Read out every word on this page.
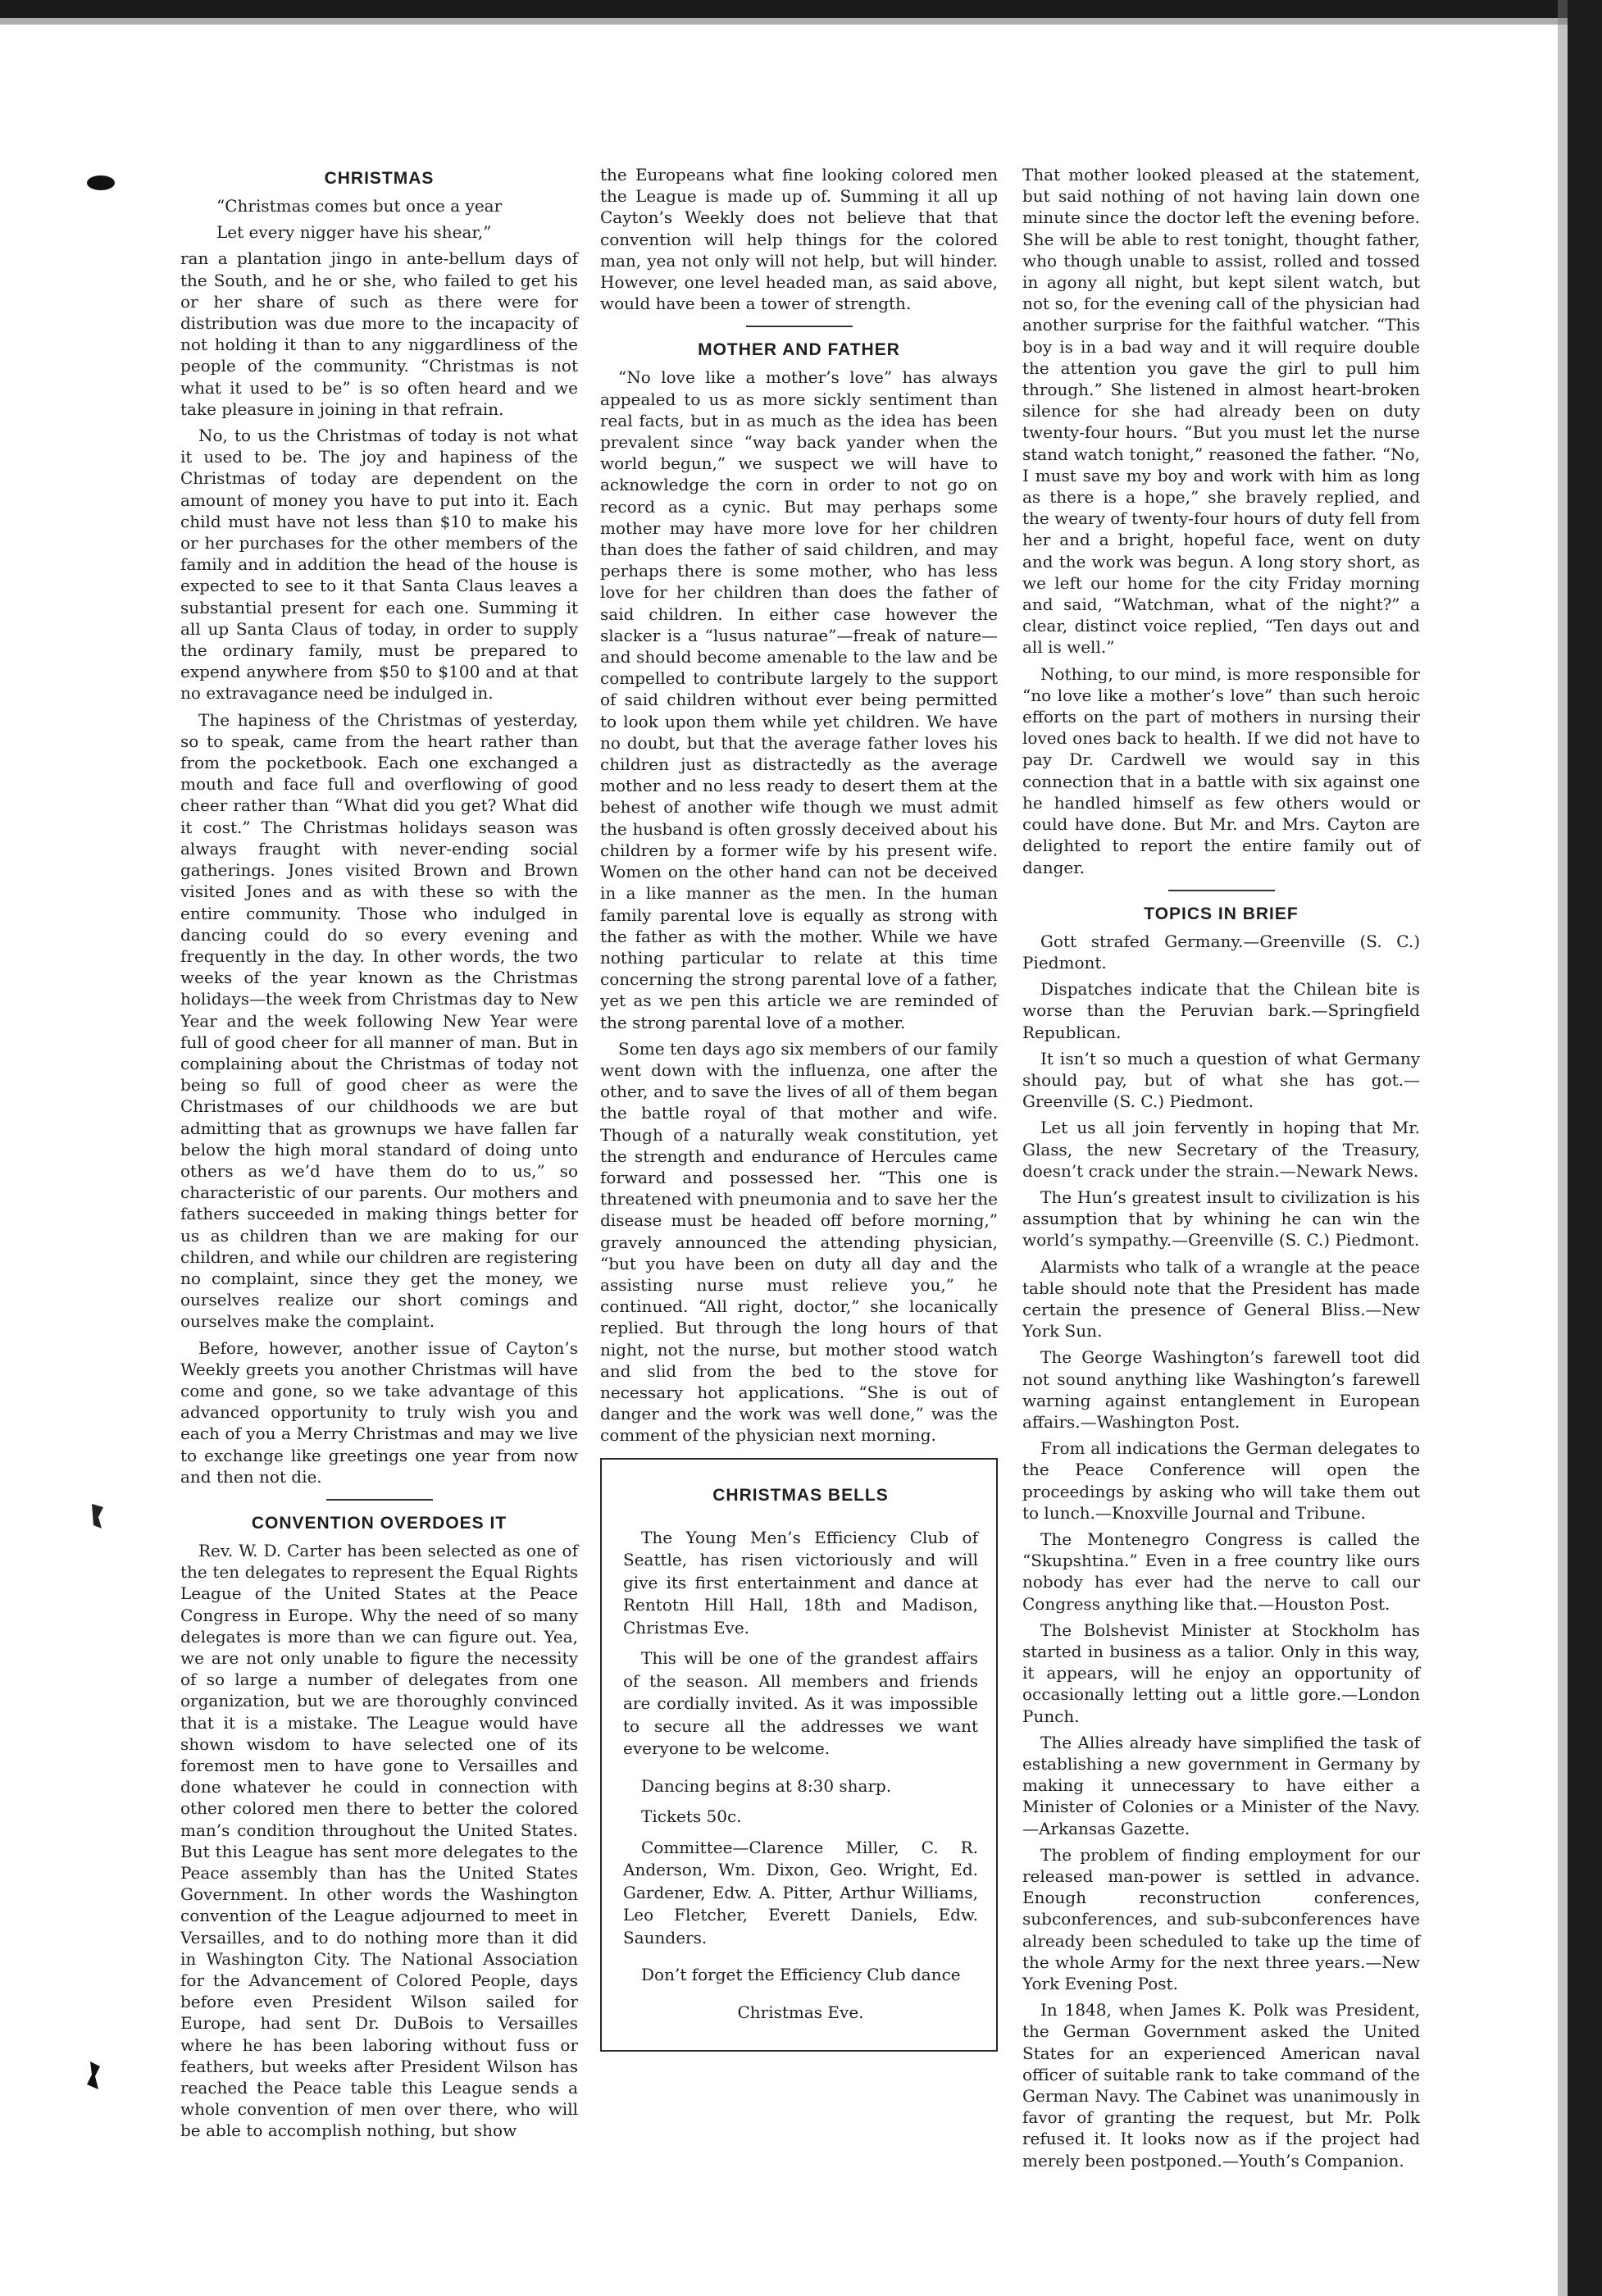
CHRISTMAS

“Christmas comes but once a year

Let every nigger have his shear,”

ran a plantation jingo in ante-bellum days of the South, and he or she, who failed to get his or her share of such as there were for distribution was due more to the incapacity of not holding it than to any niggardliness of the people of the community. “Christmas is not what it used to be” is so often heard and we take pleasure in joining in that refrain.

No, to us the Christmas of today is not what it used to be. The joy and hapiness of the Christmas of today are dependent on the amount of money you have to put into it. Each child must have not less than $10 to make his or her purchases for the other members of the family and in addition the head of the house is expected to see to it that Santa Claus leaves a substantial present for each one. Summing it all up Santa Claus of today, in order to supply the ordinary family, must be prepared to expend anywhere from $50 to $100 and at that no extravagance need be indulged in.

The hapiness of the Christmas of yesterday, so to speak, came from the heart rather than from the pocketbook. Each one exchanged a mouth and face full and overflowing of good cheer rather than “What did you get? What did it cost.” The Christmas holidays season was always fraught with never-ending social gatherings. Jones visited Brown and Brown visited Jones and as with these so with the entire community. Those who indulged in dancing could do so every evening and frequently in the day. In other words, the two weeks of the year known as the Christmas holidays—the week from Christmas day to New Year and the week following New Year were full of good cheer for all manner of man. But in complaining about the Christmas of today not being so full of good cheer as were the Christmases of our childhoods we are but admitting that as grownups we have fallen far below the high moral standard of doing unto others as we’d have them do to us,” so characteristic of our parents. Our mothers and fathers succeeded in making things better for us as children than we are making for our children, and while our children are registering no complaint, since they get the money, we ourselves realize our short comings and ourselves make the complaint.

Before, however, another issue of Cayton’s Weekly greets you another Christmas will have come and gone, so we take advantage of this advanced opportunity to truly wish you and each of you a Merry Christmas and may we live to exchange like greetings one year from now and then not die.

CONVENTION OVERDOES IT

Rev. W. D. Carter has been selected as one of the ten delegates to represent the Equal Rights League of the United States at the Peace Congress in Europe. Why the need of so many delegates is more than we can figure out. Yea, we are not only unable to figure the necessity of so large a number of delegates from one organization, but we are thoroughly convinced that it is a mistake. The League would have shown wisdom to have selected one of its foremost men to have gone to Versailles and done whatever he could in connection with other colored men there to better the colored man’s condition throughout the United States. But this League has sent more delegates to the Peace assembly than has the United States Government. In other words the Washington convention of the League adjourned to meet in Versailles, and to do nothing more than it did in Washington City. The National Association for the Advancement of Colored People, days before even President Wilson sailed for Europe, had sent Dr. DuBois to Versailles where he has been laboring without fuss or feathers, but weeks after President Wilson has reached the Peace table this League sends a whole convention of men over there, who will be able to accomplish nothing, but show

the Europeans what fine looking colored men the League is made up of. Summing it all up Cayton’s Weekly does not believe that that convention will help things for the colored man, yea not only will not help, but will hinder. However, one level headed man, as said above, would have been a tower of strength.

MOTHER AND FATHER

“No love like a mother’s love” has always appealed to us as more sickly sentiment than real facts, but in as much as the idea has been prevalent since “way back yander when the world begun,” we suspect we will have to acknowledge the corn in order to not go on record as a cynic. But may perhaps some mother may have more love for her children than does the father of said children, and may perhaps there is some mother, who has less love for her children than does the father of said children. In either case however the slacker is a “lusus naturae”—freak of nature—and should become amenable to the law and be compelled to contribute largely to the support of said children without ever being permitted to look upon them while yet children. We have no doubt, but that the average father loves his children just as distractedly as the average mother and no less ready to desert them at the behest of another wife though we must admit the husband is often grossly deceived about his children by a former wife by his present wife. Women on the other hand can not be deceived in a like manner as the men. In the human family parental love is equally as strong with the father as with the mother. While we have nothing particular to relate at this time concerning the strong parental love of a father, yet as we pen this article we are reminded of the strong parental love of a mother.

Some ten days ago six members of our family went down with the influenza, one after the other, and to save the lives of all of them began the battle royal of that mother and wife. Though of a naturally weak constitution, yet the strength and endurance of Hercules came forward and possessed her. “This one is threatened with pneumonia and to save her the disease must be headed off before morning,” gravely announced the attending physician, “but you have been on duty all day and the assisting nurse must relieve you,” he continued. “All right, doctor,” she locanically replied. But through the long hours of that night, not the nurse, but mother stood watch and slid from the bed to the stove for necessary hot applications. “She is out of danger and the work was well done,” was the comment of the physician next morning.

CHRISTMAS BELLS

The Young Men’s Efficiency Club of Seattle, has risen victoriously and will give its first entertainment and dance at Rentotn Hill Hall, 18th and Madison, Christmas Eve.

This will be one of the grandest affairs of the season. All members and friends are cordially invited. As it was impossible to secure all the addresses we want everyone to be welcome.

Dancing begins at 8:30 sharp.

Tickets 50c.

Committee—Clarence Miller, C. R. Anderson, Wm. Dixon, Geo. Wright, Ed. Gardener, Edw. A. Pitter, Arthur Williams, Leo Fletcher, Everett Daniels, Edw. Saunders.

Don’t forget the Efficiency Club dance

Christmas Eve.

That mother looked pleased at the statement, but said nothing of not having lain down one minute since the doctor left the evening before. She will be able to rest tonight, thought father, who though unable to assist, rolled and tossed in agony all night, but kept silent watch, but not so, for the evening call of the physician had another surprise for the faithful watcher. “This boy is in a bad way and it will require double the attention you gave the girl to pull him through.” She listened in almost heart-broken silence for she had already been on duty twenty-four hours. “But you must let the nurse stand watch tonight,” reasoned the father. “No, I must save my boy and work with him as long as there is a hope,” she bravely replied, and the weary of twenty-four hours of duty fell from her and a bright, hopeful face, went on duty and the work was begun. A long story short, as we left our home for the city Friday morning and said, “Watchman, what of the night?” a clear, distinct voice replied, “Ten days out and all is well.”

Nothing, to our mind, is more responsible for “no love like a mother’s love” than such heroic efforts on the part of mothers in nursing their loved ones back to health. If we did not have to pay Dr. Cardwell we would say in this connection that in a battle with six against one he handled himself as few others would or could have done. But Mr. and Mrs. Cayton are delighted to report the entire family out of danger.

TOPICS IN BRIEF

Gott strafed Germany.—Greenville (S. C.) Piedmont.

Dispatches indicate that the Chilean bite is worse than the Peruvian bark.—Springfield Republican.

It isn’t so much a question of what Germany should pay, but of what she has got.—Greenville (S. C.) Piedmont.

Let us all join fervently in hoping that Mr. Glass, the new Secretary of the Treasury, doesn’t crack under the strain.—Newark News.

The Hun’s greatest insult to civilization is his assumption that by whining he can win the world’s sympathy.—Greenville (S. C.) Piedmont.

Alarmists who talk of a wrangle at the peace table should note that the President has made certain the presence of General Bliss.—New York Sun.

The George Washington’s farewell toot did not sound anything like Washington’s farewell warning against entanglement in European affairs.—Washington Post.

From all indications the German delegates to the Peace Conference will open the proceedings by asking who will take them out to lunch.—Knoxville Journal and Tribune.

The Montenegro Congress is called the “Skupshtina.” Even in a free country like ours nobody has ever had the nerve to call our Congress anything like that.—Houston Post.

The Bolshevist Minister at Stockholm has started in business as a talior. Only in this way, it appears, will he enjoy an opportunity of occasionally letting out a little gore.—London Punch.

The Allies already have simplified the task of establishing a new government in Germany by making it unnecessary to have either a Minister of Colonies or a Minister of the Navy.—Arkansas Gazette.

The problem of finding employment for our released man-power is settled in advance. Enough reconstruction conferences, subconferences, and sub-subconferences have already been scheduled to take up the time of the whole Army for the next three years.—New York Evening Post.

In 1848, when James K. Polk was President, the German Government asked the United States for an experienced American naval officer of suitable rank to take command of the German Navy. The Cabinet was unanimously in favor of granting the request, but Mr. Polk refused it. It looks now as if the project had merely been postponed.—Youth’s Companion.
